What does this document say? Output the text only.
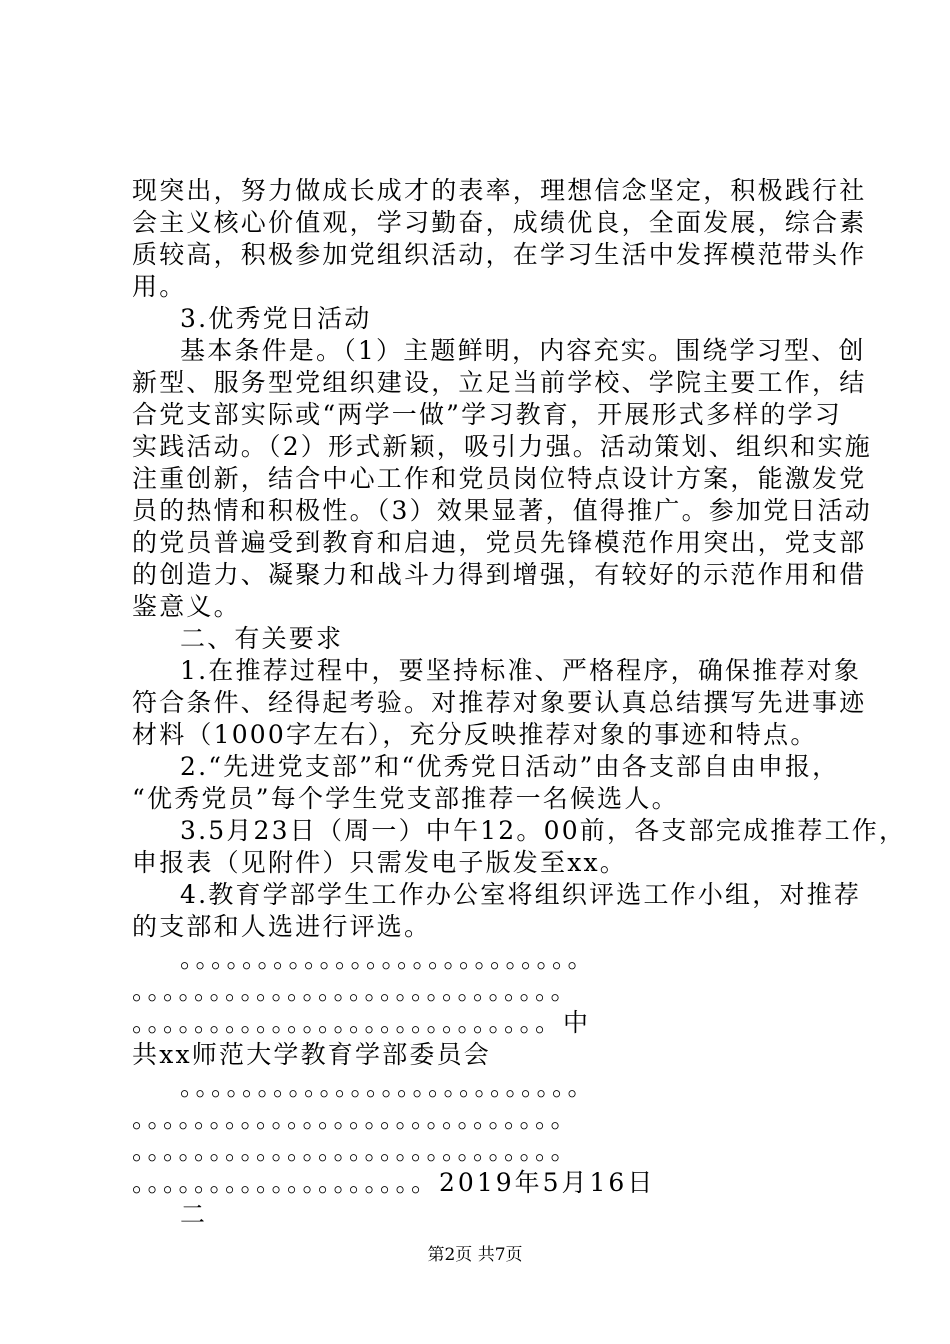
现突出，努力做成长成才的表率，理想信念坚定，积极践行社
会主义核心价值观，学习勤奋，成绩优良，全面发展，综合素
质较高，积极参加党组织活动，在学习生活中发挥模范带头作
用。
3.优秀党日活动
基本条件是。（1）主题鲜明，内容充实。围绕学习型、创
新型、服务型党组织建设，立足当前学校、学院主要工作，结
合党支部实际或“两学一做”学习教育，开展形式多样的学习
实践活动。（2）形式新颖，吸引力强。活动策划、组织和实施
注重创新，结合中心工作和党员岗位特点设计方案，能激发党
员的热情和积极性。（3）效果显著，值得推广。参加党日活动
的党员普遍受到教育和启迪，党员先锋模范作用突出，党支部
的创造力、凝聚力和战斗力得到增强，有较好的示范作用和借
鉴意义。
二、有关要求
1.在推荐过程中，要坚持标准、严格程序，确保推荐对象
符合条件、经得起考验。对推荐对象要认真总结撰写先进事迹
材料（1000字左右），充分反映推荐对象的事迹和特点。
2.“先进党支部”和“优秀党日活动”由各支部自由申报，
“优秀党员”每个学生党支部推荐一名候选人。
3.5月23日（周一）中午12。00前，各支部完成推荐工作，
申报表（见附件）只需发电子版发至xx。
4.教育学部学生工作办公室将组织评选工作小组，对推荐
的支部和人选进行评选。
。。。。。。。。。。。。。。。。。。。。。。。。。。
。。。。。。。。。。。。。。。。。。。。。。。。。。。。
。。。。。。。。。。。。。。。。。。。。。。。。。。。中
共xx师范大学教育学部委员会
。。。。。。。。。。。。。。。。。。。。。。。。。。
。。。。。。。。。。。。。。。。。。。。。。。。。。。。
。。。。。。。。。。。。。。。。。。。。。。。。。。。。
。。。。。。。。。。。。。。。。。。。2019年5月16日
二
第2页 共7页
